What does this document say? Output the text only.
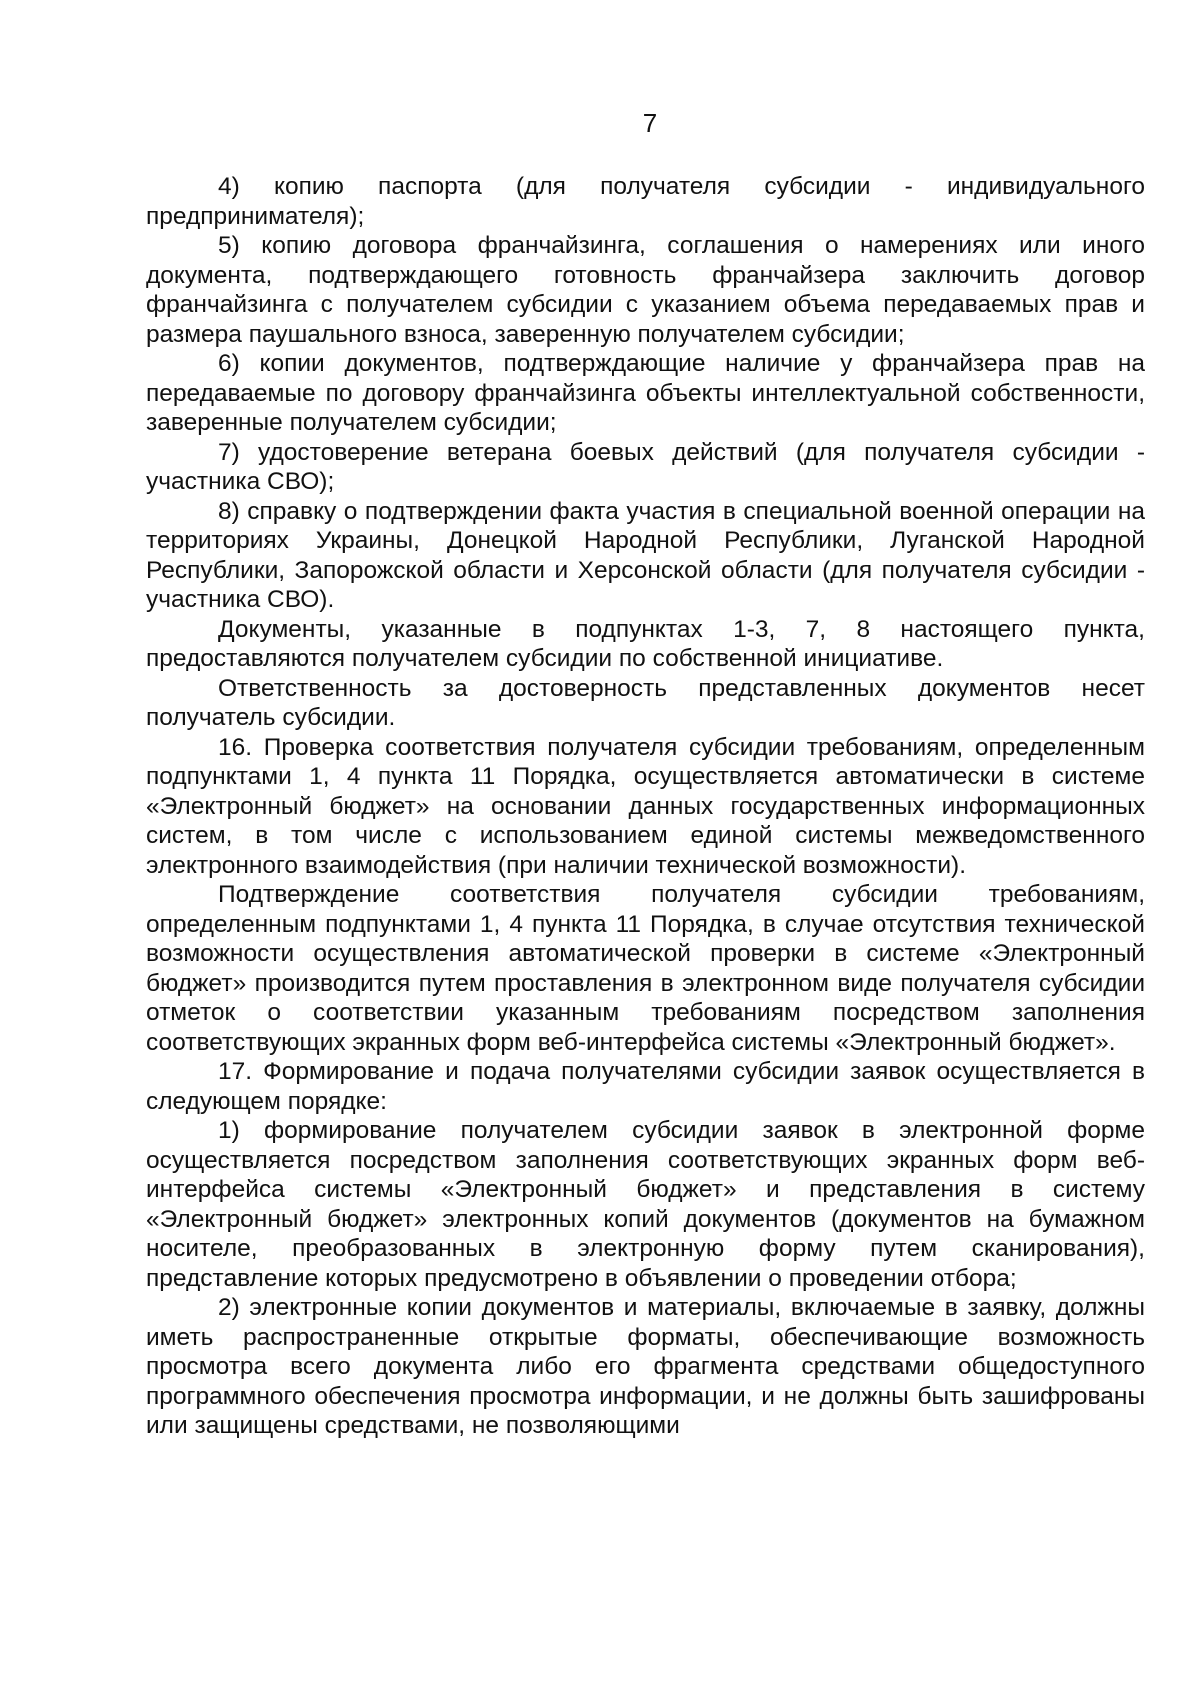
7

4) копию паспорта (для получателя субсидии - индивидуального предпринимателя);

5) копию договора франчайзинга, соглашения о намерениях или иного документа, подтверждающего готовность франчайзера заключить договор франчайзинга с получателем субсидии с указанием объема передаваемых прав и размера паушального взноса, заверенную получателем субсидии;

6) копии документов, подтверждающие наличие у франчайзера прав на передаваемые по договору франчайзинга объекты интеллектуальной собственности, заверенные получателем субсидии;

7) удостоверение ветерана боевых действий (для получателя субсидии - участника СВО);

8) справку о подтверждении факта участия в специальной военной операции на территориях Украины, Донецкой Народной Республики, Луганской Народной Республики, Запорожской области и Херсонской области (для получателя субсидии - участника СВО).

Документы, указанные в подпунктах 1-3, 7, 8 настоящего пункта, предоставляются получателем субсидии по собственной инициативе.

Ответственность за достоверность представленных документов несет получатель субсидии.

16. Проверка соответствия получателя субсидии требованиям, определенным подпунктами 1, 4 пункта 11 Порядка, осуществляется автоматически в системе «Электронный бюджет» на основании данных государственных информационных систем, в том числе с использованием единой системы межведомственного электронного взаимодействия (при наличии технической возможности).

Подтверждение соответствия получателя субсидии требованиям, определенным подпунктами 1, 4 пункта 11 Порядка, в случае отсутствия технической возможности осуществления автоматической проверки в системе «Электронный бюджет» производится путем проставления в электронном виде получателя субсидии отметок о соответствии указанным требованиям посредством заполнения соответствующих экранных форм веб-интерфейса системы «Электронный бюджет».

17. Формирование и подача получателями субсидии заявок осуществляется в следующем порядке:

1) формирование получателем субсидии заявок в электронной форме осуществляется посредством заполнения соответствующих экранных форм веб-интерфейса системы «Электронный бюджет» и представления в систему «Электронный бюджет» электронных копий документов (документов на бумажном носителе, преобразованных в электронную форму путем сканирования), представление которых предусмотрено в объявлении о проведении отбора;

2) электронные копии документов и материалы, включаемые в заявку, должны иметь распространенные открытые форматы, обеспечивающие возможность просмотра всего документа либо его фрагмента средствами общедоступного программного обеспечения просмотра информации, и не должны быть зашифрованы или защищены средствами, не позволяющими
